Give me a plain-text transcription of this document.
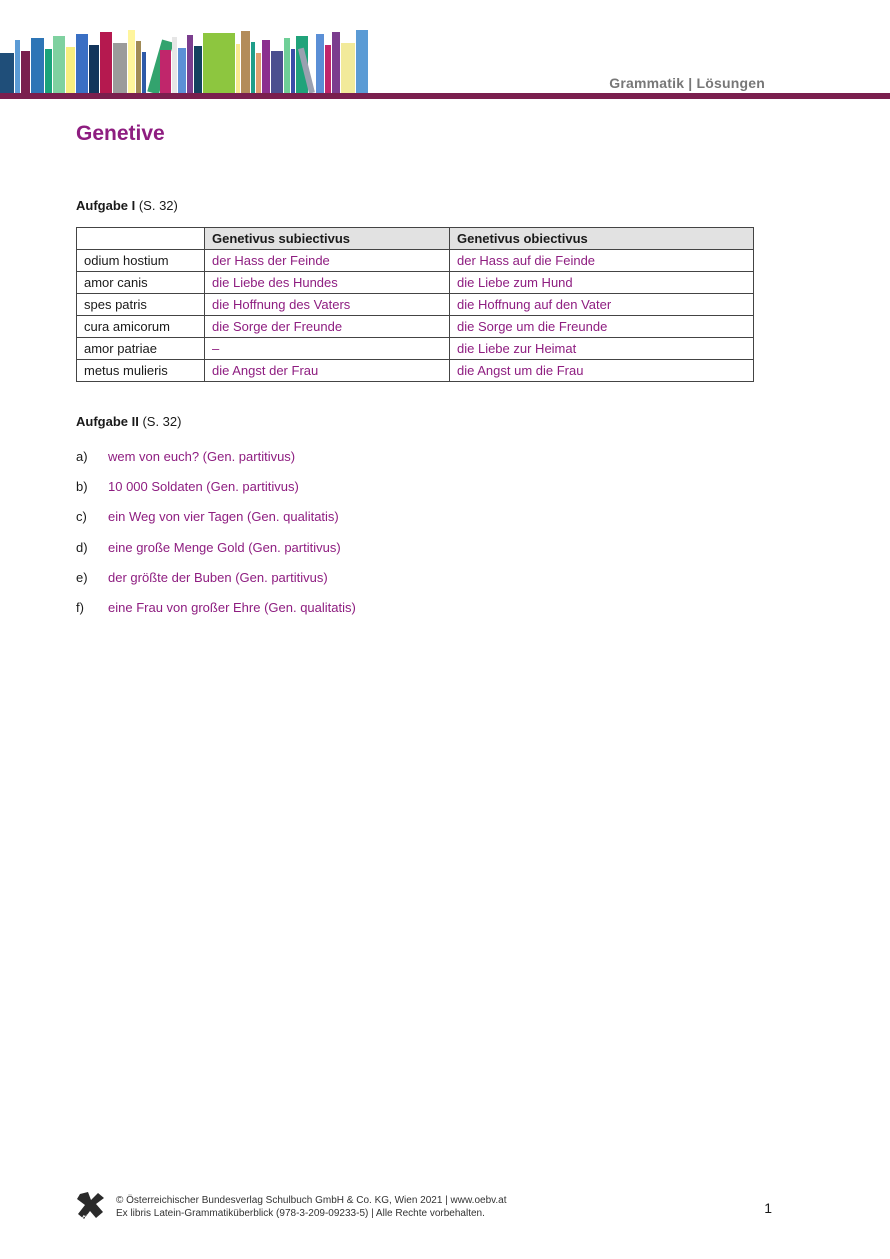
Grammatik | Lösungen
Genetive
Aufgabe I (S. 32)
	Genetivus subiectivus	Genetivus obiectivus
odium hostium	der Hass der Feinde	der Hass auf die Feinde
amor canis	die Liebe des Hundes	die Liebe zum Hund
spes patris	die Hoffnung des Vaters	die Hoffnung auf den Vater
cura amicorum	die Sorge der Freunde	die Sorge um die Freunde
amor patriae	–	die Liebe zur Heimat
metus mulieris	die Angst der Frau	die Angst um die Frau
Aufgabe II (S. 32)
a)	wem von euch? (Gen. partitivus)
b)	10 000 Soldaten (Gen. partitivus)
c)	ein Weg von vier Tagen (Gen. qualitatis)
d)	eine große Menge Gold (Gen. partitivus)
e)	der größte der Buben (Gen. partitivus)
f)	eine Frau von großer Ehre (Gen. qualitatis)
öbv
© Österreichischer Bundesverlag Schulbuch GmbH & Co. KG, Wien 2021 | www.oebv.at
Ex libris Latein-Grammatiküberblick (978-3-209-09233-5) | Alle Rechte vorbehalten.	1
